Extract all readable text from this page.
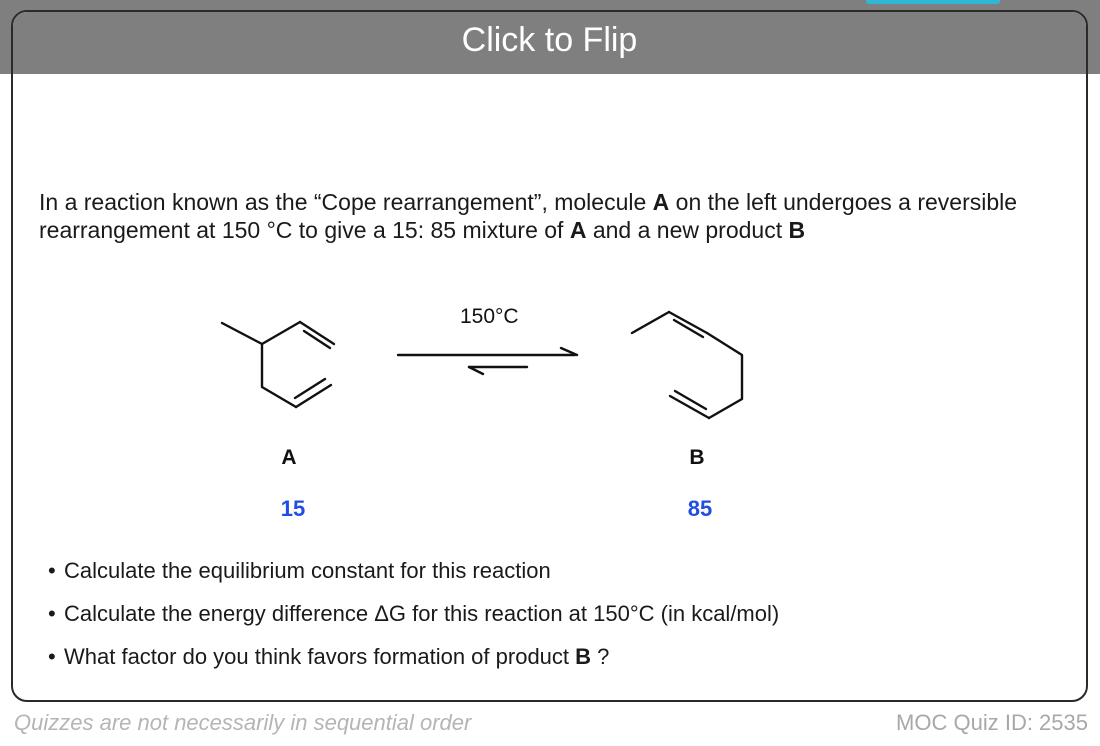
Click to Flip
In a reaction known as the “Cope rearrangement”, molecule A on the left undergoes a reversible rearrangement at 150 °C to give a 15: 85 mixture of A and a new product B
150°C
A
15
B
85
• Calculate the equilibrium constant for this reaction
• Calculate the energy difference ΔG for this reaction at 150°C (in kcal/mol)
• What factor do you think favors formation of product B ?
Quizzes are not necessarily in sequential order	MOC Quiz ID: 2535
